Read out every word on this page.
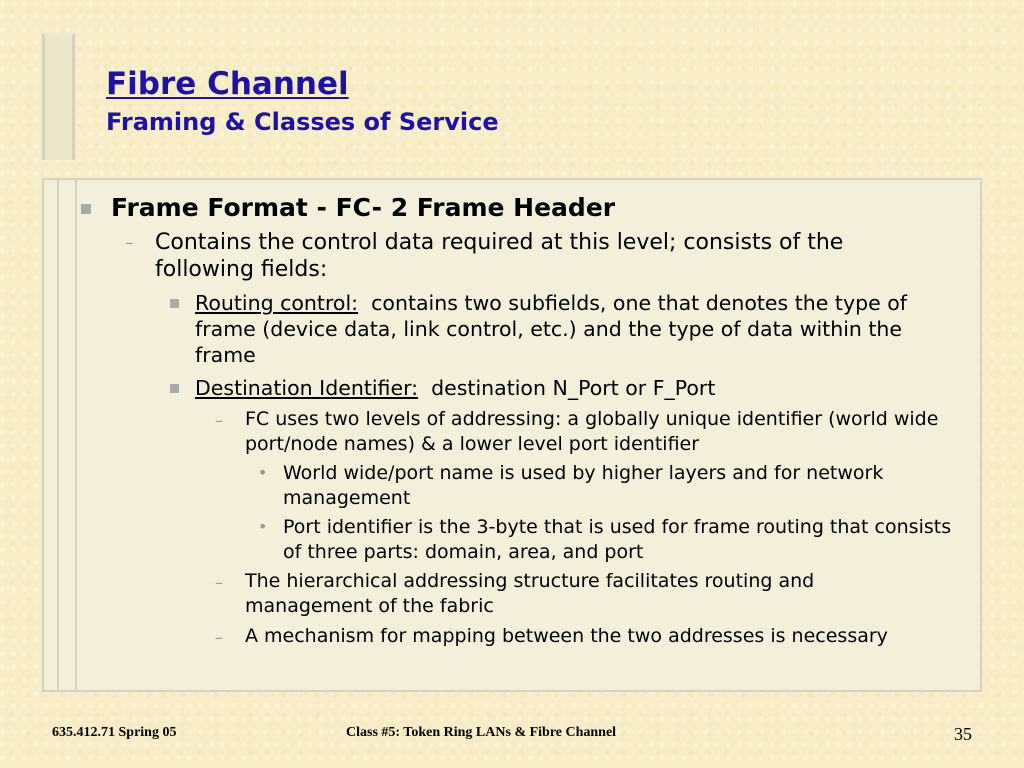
Fibre Channel
Framing & Classes of Service
Frame Format - FC- 2 Frame Header
– Contains the control data required at this level; consists of the following fields:
Routing control: contains two subfields, one that denotes the type of frame (device data, link control, etc.) and the type of data within the frame
Destination Identifier: destination N_Port or F_Port
– FC uses two levels of addressing: a globally unique identifier (world wide port/node names) & a lower level port identifier
• World wide/port name is used by higher layers and for network management
• Port identifier is the 3-byte that is used for frame routing that consists of three parts: domain, area, and port
– The hierarchical addressing structure facilitates routing and management of the fabric
– A mechanism for mapping between the two addresses is necessary
635.412.71 Spring 05	Class #5: Token Ring LANs & Fibre Channel	35
